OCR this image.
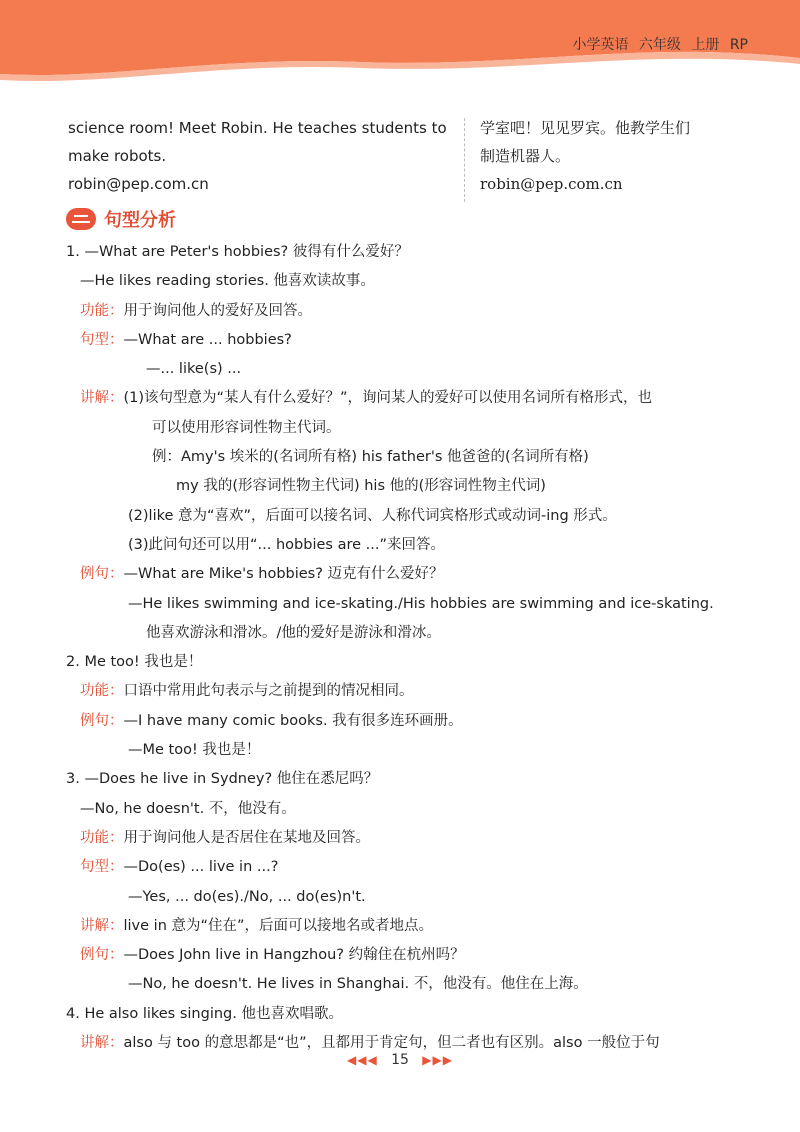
小学英语 六年级 上册 RP
science room! Meet Robin. He teaches students to
make robots.
robin@pep.com.cn
学室吧！见见罗宾。他教学生们
制造机器人。
robin@pep.com.cn
句型分析
1. —What are Peter's hobbies? 彼得有什么爱好？
—He likes reading stories. 他喜欢读故事。
功能：用于询问他人的爱好及回答。
句型：—What are ... hobbies?
—... like(s) ...
讲解：(1)该句型意为“某人有什么爱好？”，询问某人的爱好可以使用名词所有格形式，也
可以使用形容词性物主代词。
例：Amy's 埃米的(名词所有格) his father's 他爸爸的(名词所有格)
my 我的(形容词性物主代词) his 他的(形容词性物主代词)
(2)like 意为“喜欢”，后面可以接名词、人称代词宾格形式或动词-ing 形式。
(3)此问句还可以用“... hobbies are ...”来回答。
例句：—What are Mike's hobbies? 迈克有什么爱好？
—He likes swimming and ice-skating./His hobbies are swimming and ice-skating.
他喜欢游泳和滑冰。/他的爱好是游泳和滑冰。
2. Me too! 我也是！
功能：口语中常用此句表示与之前提到的情况相同。
例句：—I have many comic books. 我有很多连环画册。
—Me too! 我也是！
3. —Does he live in Sydney? 他住在悉尼吗？
—No, he doesn't. 不，他没有。
功能：用于询问他人是否居住在某地及回答。
句型：—Do(es) ... live in ...?
—Yes, ... do(es)./No, ... do(es)n't.
讲解：live in 意为“住在”，后面可以接地名或者地点。
例句：—Does John live in Hangzhou? 约翰住在杭州吗？
—No, he doesn't. He lives in Shanghai. 不，他没有。他住在上海。
4. He also likes singing. 他也喜欢唱歌。
讲解：also 与 too 的意思都是“也”，且都用于肯定句，但二者也有区别。also 一般位于句
◀◀◀ 15 ▶▶▶
